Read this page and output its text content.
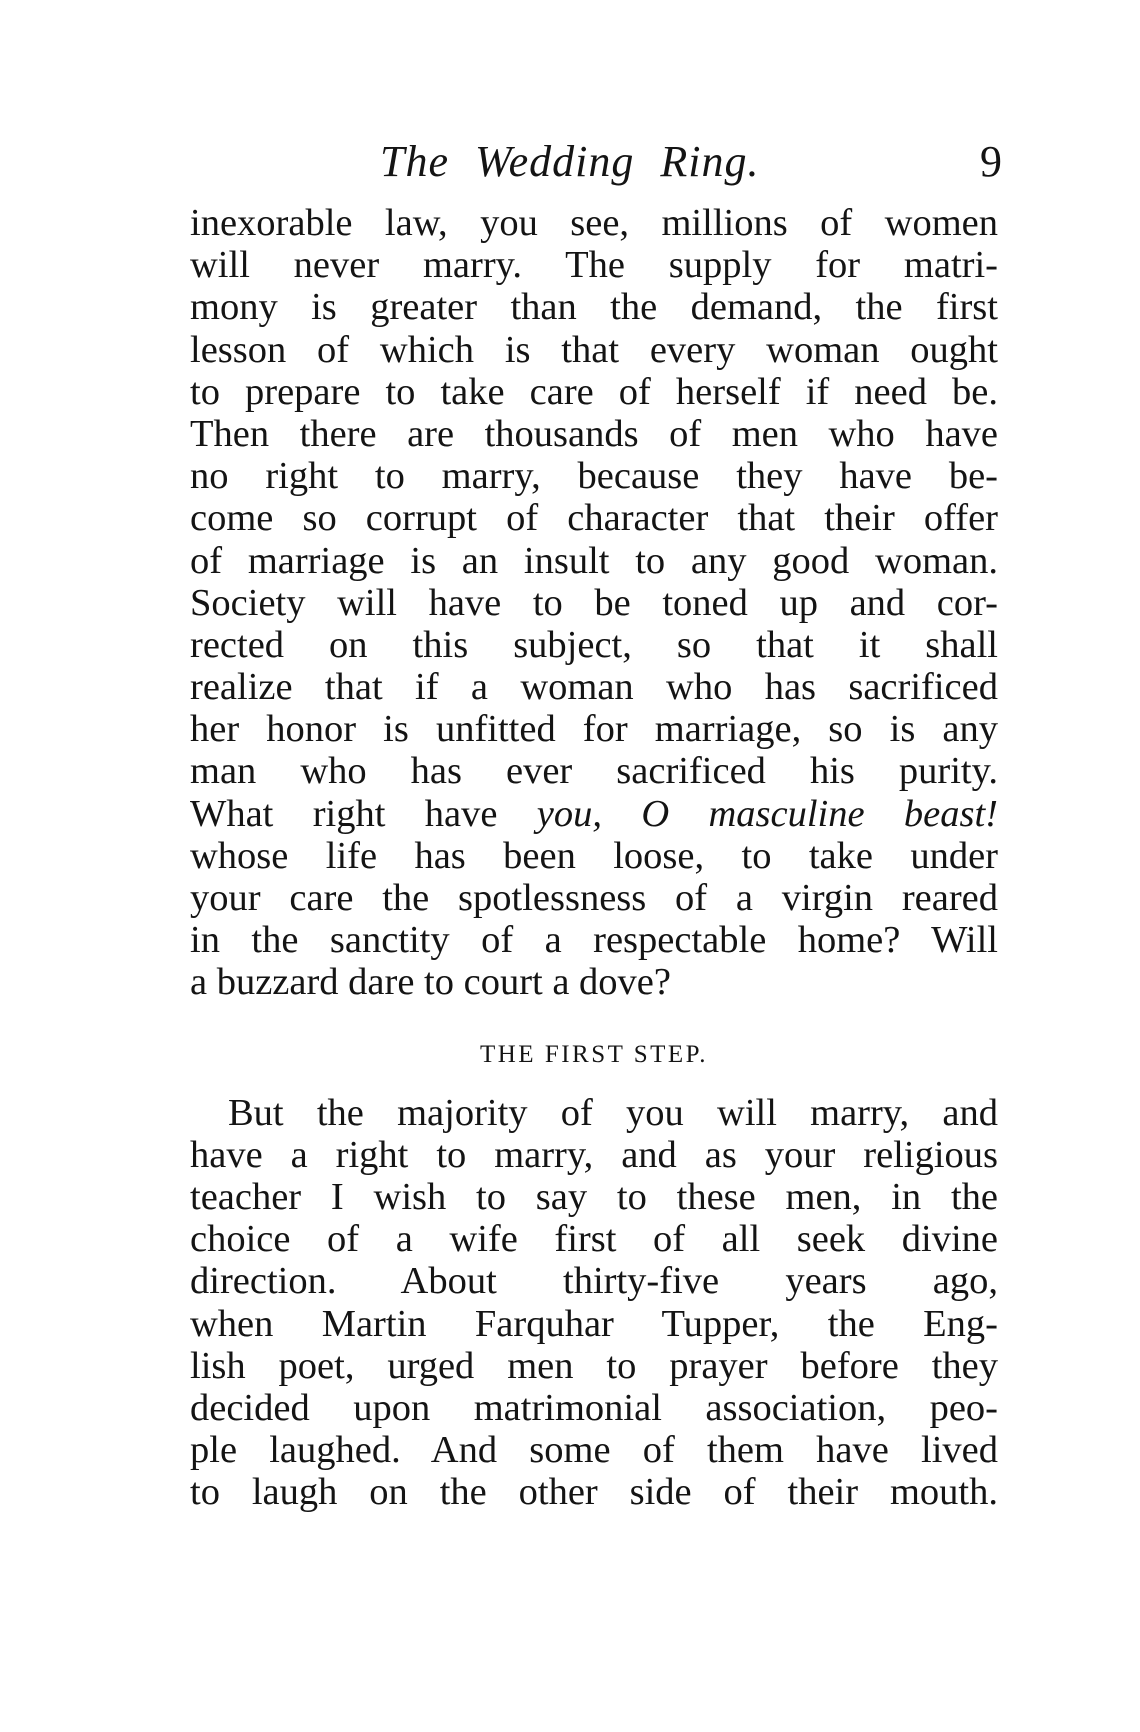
The Wedding Ring.	9

inexorable law, you see, millions of women
will never marry. The supply for matri-
mony is greater than the demand, the first
lesson of which is that every woman ought
to prepare to take care of herself if need be.
Then there are thousands of men who have
no right to marry, because they have be-
come so corrupt of character that their offer
of marriage is an insult to any good woman.
Society will have to be toned up and cor-
rected on this subject, so that it shall
realize that if a woman who has sacrificed
her honor is unfitted for marriage, so is any
man who has ever sacrificed his purity.
What right have you, O masculine beast!
whose life has been loose, to take under
your care the spotlessness of a virgin reared
in the sanctity of a respectable home? Will
a buzzard dare to court a dove?

THE FIRST STEP.

But the majority of you will marry, and
have a right to marry, and as your religious
teacher I wish to say to these men, in the
choice of a wife first of all seek divine
direction. About thirty-five years ago,
when Martin Farquhar Tupper, the Eng-
lish poet, urged men to prayer before they
decided upon matrimonial association, peo-
ple laughed. And some of them have lived
to laugh on the other side of their mouth.
